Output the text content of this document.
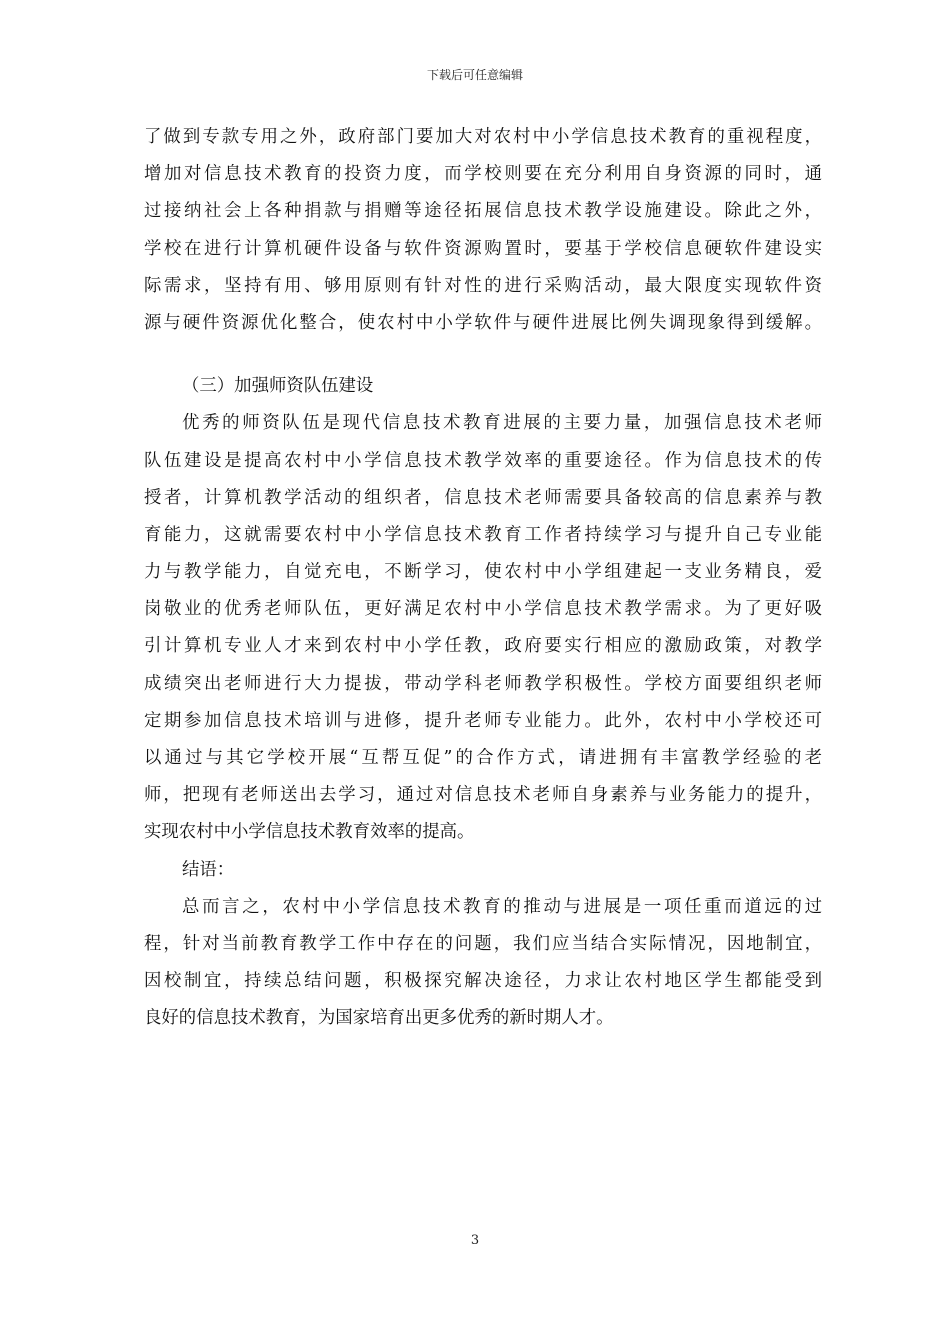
下载后可任意编辑
了做到专款专用之外，政府部门要加大对农村中小学信息技术教育的重视程度，
增加对信息技术教育的投资力度，而学校则要在充分利用自身资源的同时，通
过接纳社会上各种捐款与捐赠等途径拓展信息技术教学设施建设。除此之外，
学校在进行计算机硬件设备与软件资源购置时，要基于学校信息硬软件建设实
际需求，坚持有用、够用原则有针对性的进行采购活动，最大限度实现软件资
源与硬件资源优化整合，使农村中小学软件与硬件进展比例失调现象得到缓解。
（三）加强师资队伍建设
优秀的师资队伍是现代信息技术教育进展的主要力量，加强信息技术老师
队伍建设是提高农村中小学信息技术教学效率的重要途径。作为信息技术的传
授者，计算机教学活动的组织者，信息技术老师需要具备较高的信息素养与教
育能力，这就需要农村中小学信息技术教育工作者持续学习与提升自己专业能
力与教学能力，自觉充电，不断学习，使农村中小学组建起一支业务精良，爱
岗敬业的优秀老师队伍，更好满足农村中小学信息技术教学需求。为了更好吸
引计算机专业人才来到农村中小学任教，政府要实行相应的激励政策，对教学
成绩突出老师进行大力提拔，带动学科老师教学积极性。学校方面要组织老师
定期参加信息技术培训与进修，提升老师专业能力。此外，农村中小学校还可
以通过与其它学校开展“互帮互促”的合作方式，请进拥有丰富教学经验的老
师，把现有老师送出去学习，通过对信息技术老师自身素养与业务能力的提升，
实现农村中小学信息技术教育效率的提高。
结语：
总而言之，农村中小学信息技术教育的推动与进展是一项任重而道远的过
程，针对当前教育教学工作中存在的问题，我们应当结合实际情况，因地制宜，
因校制宜，持续总结问题，积极探究解决途径，力求让农村地区学生都能受到
良好的信息技术教育，为国家培育出更多优秀的新时期人才。
3
